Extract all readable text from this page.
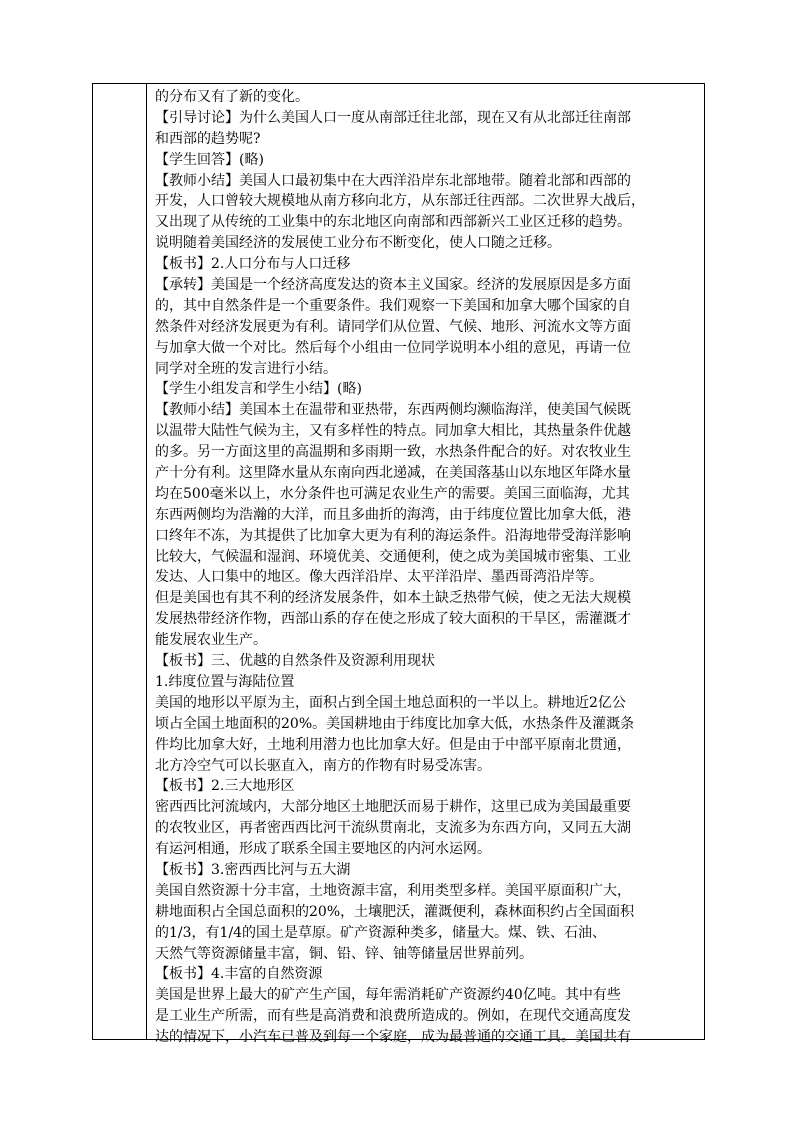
的分布又有了新的变化。
【引导讨论】为什么美国人口一度从南部迁往北部，现在又有从北部迁往南部
和西部的趋势呢?
【学生回答】(略)
【教师小结】美国人口最初集中在大西洋沿岸东北部地带。随着北部和西部的
开发，人口曾较大规模地从南方移向北方，从东部迁往西部。二次世界大战后，
又出现了从传统的工业集中的东北地区向南部和西部新兴工业区迁移的趋势。
说明随着美国经济的发展使工业分布不断变化，使人口随之迁移。
【板书】2.人口分布与人口迁移
【承转】美国是一个经济高度发达的资本主义国家。经济的发展原因是多方面
的，其中自然条件是一个重要条件。我们观察一下美国和加拿大哪个国家的自
然条件对经济发展更为有利。请同学们从位置、气候、地形、河流水文等方面
与加拿大做一个对比。然后每个小组由一位同学说明本小组的意见，再请一位
同学对全班的发言进行小结。
【学生小组发言和学生小结】(略)
【教师小结】美国本土在温带和亚热带，东西两侧均濒临海洋，使美国气候既
以温带大陆性气候为主，又有多样性的特点。同加拿大相比，其热量条件优越
的多。另一方面这里的高温期和多雨期一致，水热条件配合的好。对农牧业生
产十分有利。这里降水量从东南向西北递减，在美国落基山以东地区年降水量
均在500毫米以上，水分条件也可满足农业生产的需要。美国三面临海，尤其
东西两侧均为浩瀚的大洋，而且多曲折的海湾，由于纬度位置比加拿大低，港
口终年不冻，为其提供了比加拿大更为有利的海运条件。沿海地带受海洋影响
比较大，气候温和湿润、环境优美、交通便利，使之成为美国城市密集、工业
发达、人口集中的地区。像大西洋沿岸、太平洋沿岸、墨西哥湾沿岸等。
但是美国也有其不利的经济发展条件，如本土缺乏热带气候，使之无法大规模
发展热带经济作物，西部山系的存在使之形成了较大面积的干旱区，需灌溉才
能发展农业生产。
【板书】三、优越的自然条件及资源利用现状
1.纬度位置与海陆位置
美国的地形以平原为主，面积占到全国土地总面积的一半以上。耕地近2亿公
顷占全国土地面积的20%。美国耕地由于纬度比加拿大低，水热条件及灌溉条
件均比加拿大好，土地利用潜力也比加拿大好。但是由于中部平原南北贯通，
北方冷空气可以长驱直入，南方的作物有时易受冻害。
【板书】2.三大地形区
密西西比河流域内，大部分地区土地肥沃而易于耕作，这里已成为美国最重要
的农牧业区，再者密西西比河干流纵贯南北，支流多为东西方向，又同五大湖
有运河相通，形成了联系全国主要地区的内河水运网。
【板书】3.密西西比河与五大湖
美国自然资源十分丰富，土地资源丰富，利用类型多样。美国平原面积广大，
耕地面积占全国总面积的20%，土壤肥沃，灌溉便利，森林面积约占全国面积
的1/3，有1/4的国土是草原。矿产资源种类多，储量大。煤、铁、石油、
天然气等资源储量丰富，铜、铅、锌、铀等储量居世界前列。
【板书】4.丰富的自然资源
美国是世界上最大的矿产生产国，每年需消耗矿产资源约40亿吨。其中有些
是工业生产所需，而有些是高消费和浪费所造成的。例如，在现代交通高度发
达的情况下，小汽车已普及到每一个家庭，成为最普通的交通工具。美国共有
